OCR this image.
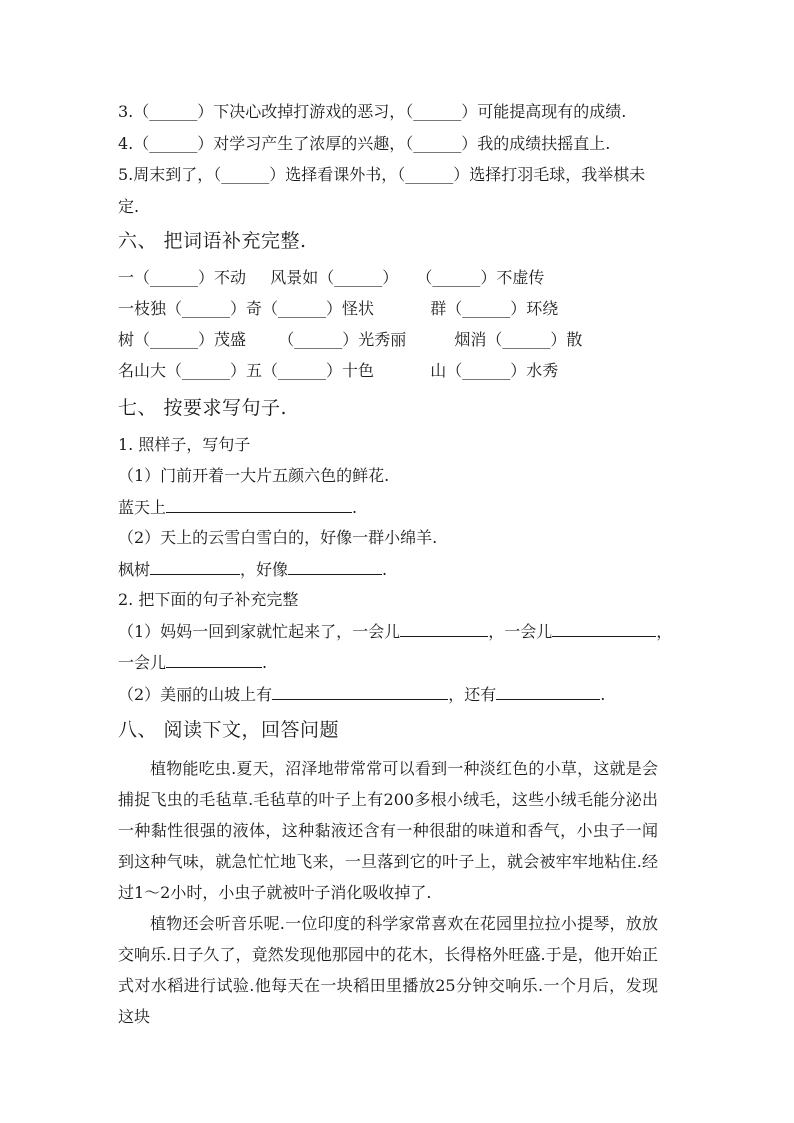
3.（______）下决心改掉打游戏的恶习，（______）可能提高现有的成绩.
4.（______）对学习产生了浓厚的兴趣，（______）我的成绩扶摇直上.
5.周末到了，（______）选择看课外书，（______）选择打羽毛球，我举棋未
定.
六、 把词语补充完整.
一（______）不动 风景如（______） （______）不虚传
一枝独（______）奇（______）怪状	群（______）环绕
树（______）茂盛 （______）光秀丽	烟消（______）散
名山大（______）五（______）十色	山（______）水秀
七、 按要求写句子.
1. 照样子，写句子
（1）门前开着一大片五颜六色的鲜花.
蓝天上	.
（2）天上的云雪白雪白的，好像一群小绵羊.
枫树	，好像	.
2. 把下面的句子补充完整
（1）妈妈一回到家就忙起来了，一会儿	，一会儿	，
一会儿	.
（2）美丽的山坡上有	，还有	.
八、 阅读下文，回答问题
植物能吃虫.夏天，沼泽地带常常可以看到一种淡红色的小草，这就是会捕捉飞虫的毛毡草.毛毡草的叶子上有200多根小绒毛，这些小绒毛能分泌出一种黏性很强的液体，这种黏液还含有一种很甜的味道和香气，小虫子一闻到这种气味，就急忙忙地飞来，一旦落到它的叶子上，就会被牢牢地粘住.经过1～2小时，小虫子就被叶子消化吸收掉了.
植物还会听音乐呢.一位印度的科学家常喜欢在花园里拉拉小提琴，放放交响乐.日子久了，竟然发现他那园中的花木，长得格外旺盛.于是，他开始正式对水稻进行试验.他每天在一块稻田里播放25分钟交响乐.一个月后，发现这块
